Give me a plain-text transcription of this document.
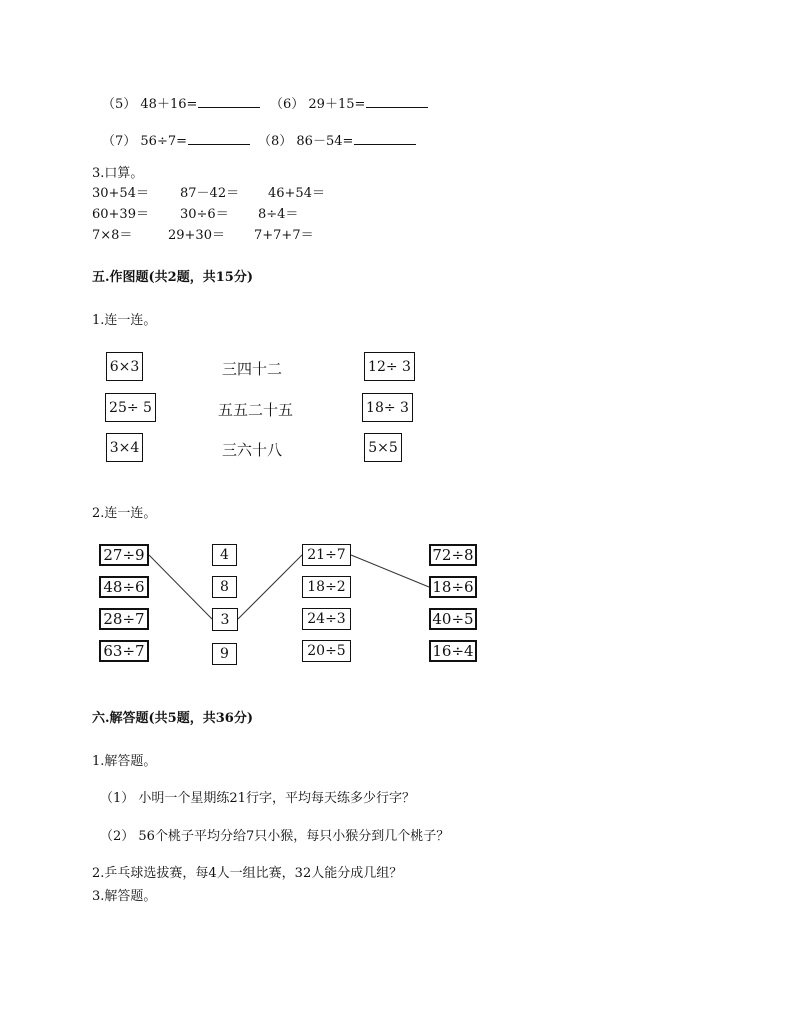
（5） 48＋16=	（6） 29＋15=
（7） 56÷7=	（8） 86－54=
3.口算。
30+54＝ 87－42＝ 46+54＝
60+39＝ 30÷6＝ 8÷4＝
7×8＝	29+30＝ 7+7+7＝
五.作图题(共2题，共15分)
1.连一连。
6×3
25÷ 5
3×4
三四十二
五五二十五
三六十八
12÷ 3
18÷ 3
5×5
2.连一连。
27÷9
48÷6
28÷7
63÷7
4
8
3
9
21÷7
18÷2
24÷3
20÷5
72÷8
18÷6
40÷5
16÷4
六.解答题(共5题，共36分)
1.解答题。
（1） 小明一个星期练21行字，平均每天练多少行字？
（2） 56个桃子平均分给7只小猴，每只小猴分到几个桃子？
2.乒乓球选拔赛，每4人一组比赛，32人能分成几组？
3.解答题。
